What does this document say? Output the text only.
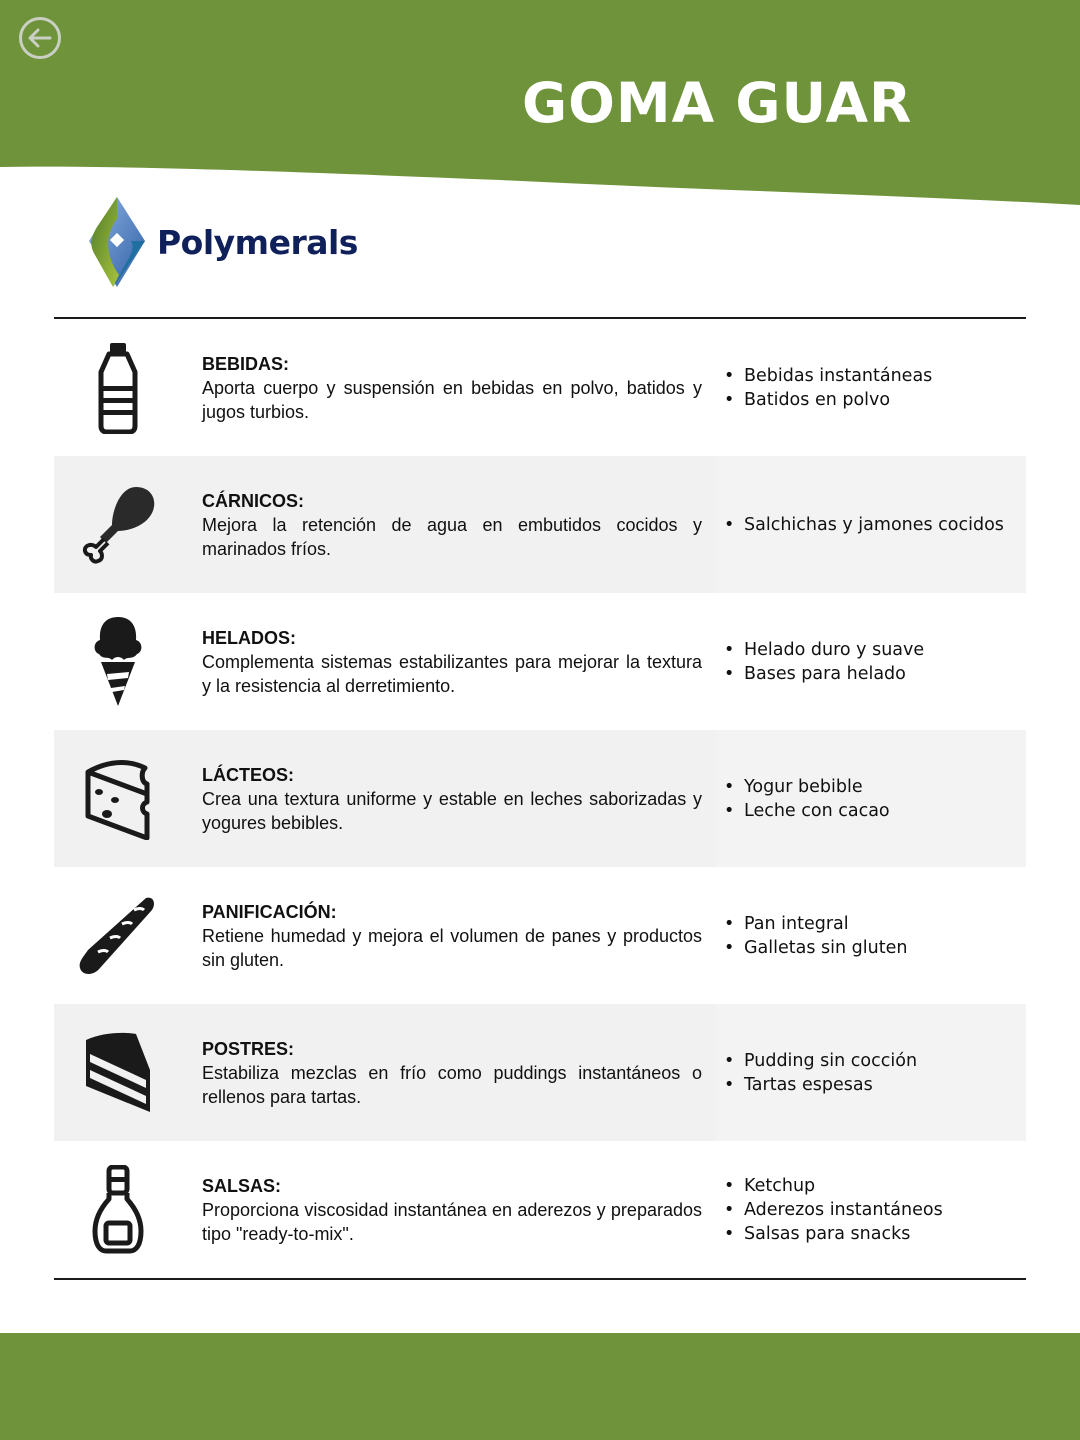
GOMA GUAR
Polymerals
BEBIDAS:
Aporta cuerpo y suspensión en bebidas en polvo, batidos y jugos turbios.
• Bebidas instantáneas
• Batidos en polvo
CÁRNICOS:
Mejora la retención de agua en embutidos cocidos y marinados fríos.
• Salchichas y jamones cocidos
HELADOS:
Complementa sistemas estabilizantes para mejorar la textura y la resistencia al derretimiento.
• Helado duro y suave
• Bases para helado
LÁCTEOS:
Crea una textura uniforme y estable en leches saborizadas y yogures bebibles.
• Yogur bebible
• Leche con cacao
PANIFICACIÓN:
Retiene humedad y mejora el volumen de panes y productos sin gluten.
• Pan integral
• Galletas sin gluten
POSTRES:
Estabiliza mezclas en frío como puddings instantáneos o rellenos para tartas.
• Pudding sin cocción
• Tartas espesas
SALSAS:
Proporciona viscosidad instantánea en aderezos y preparados tipo "ready-to-mix".
• Ketchup
• Aderezos instantáneos
• Salsas para snacks
